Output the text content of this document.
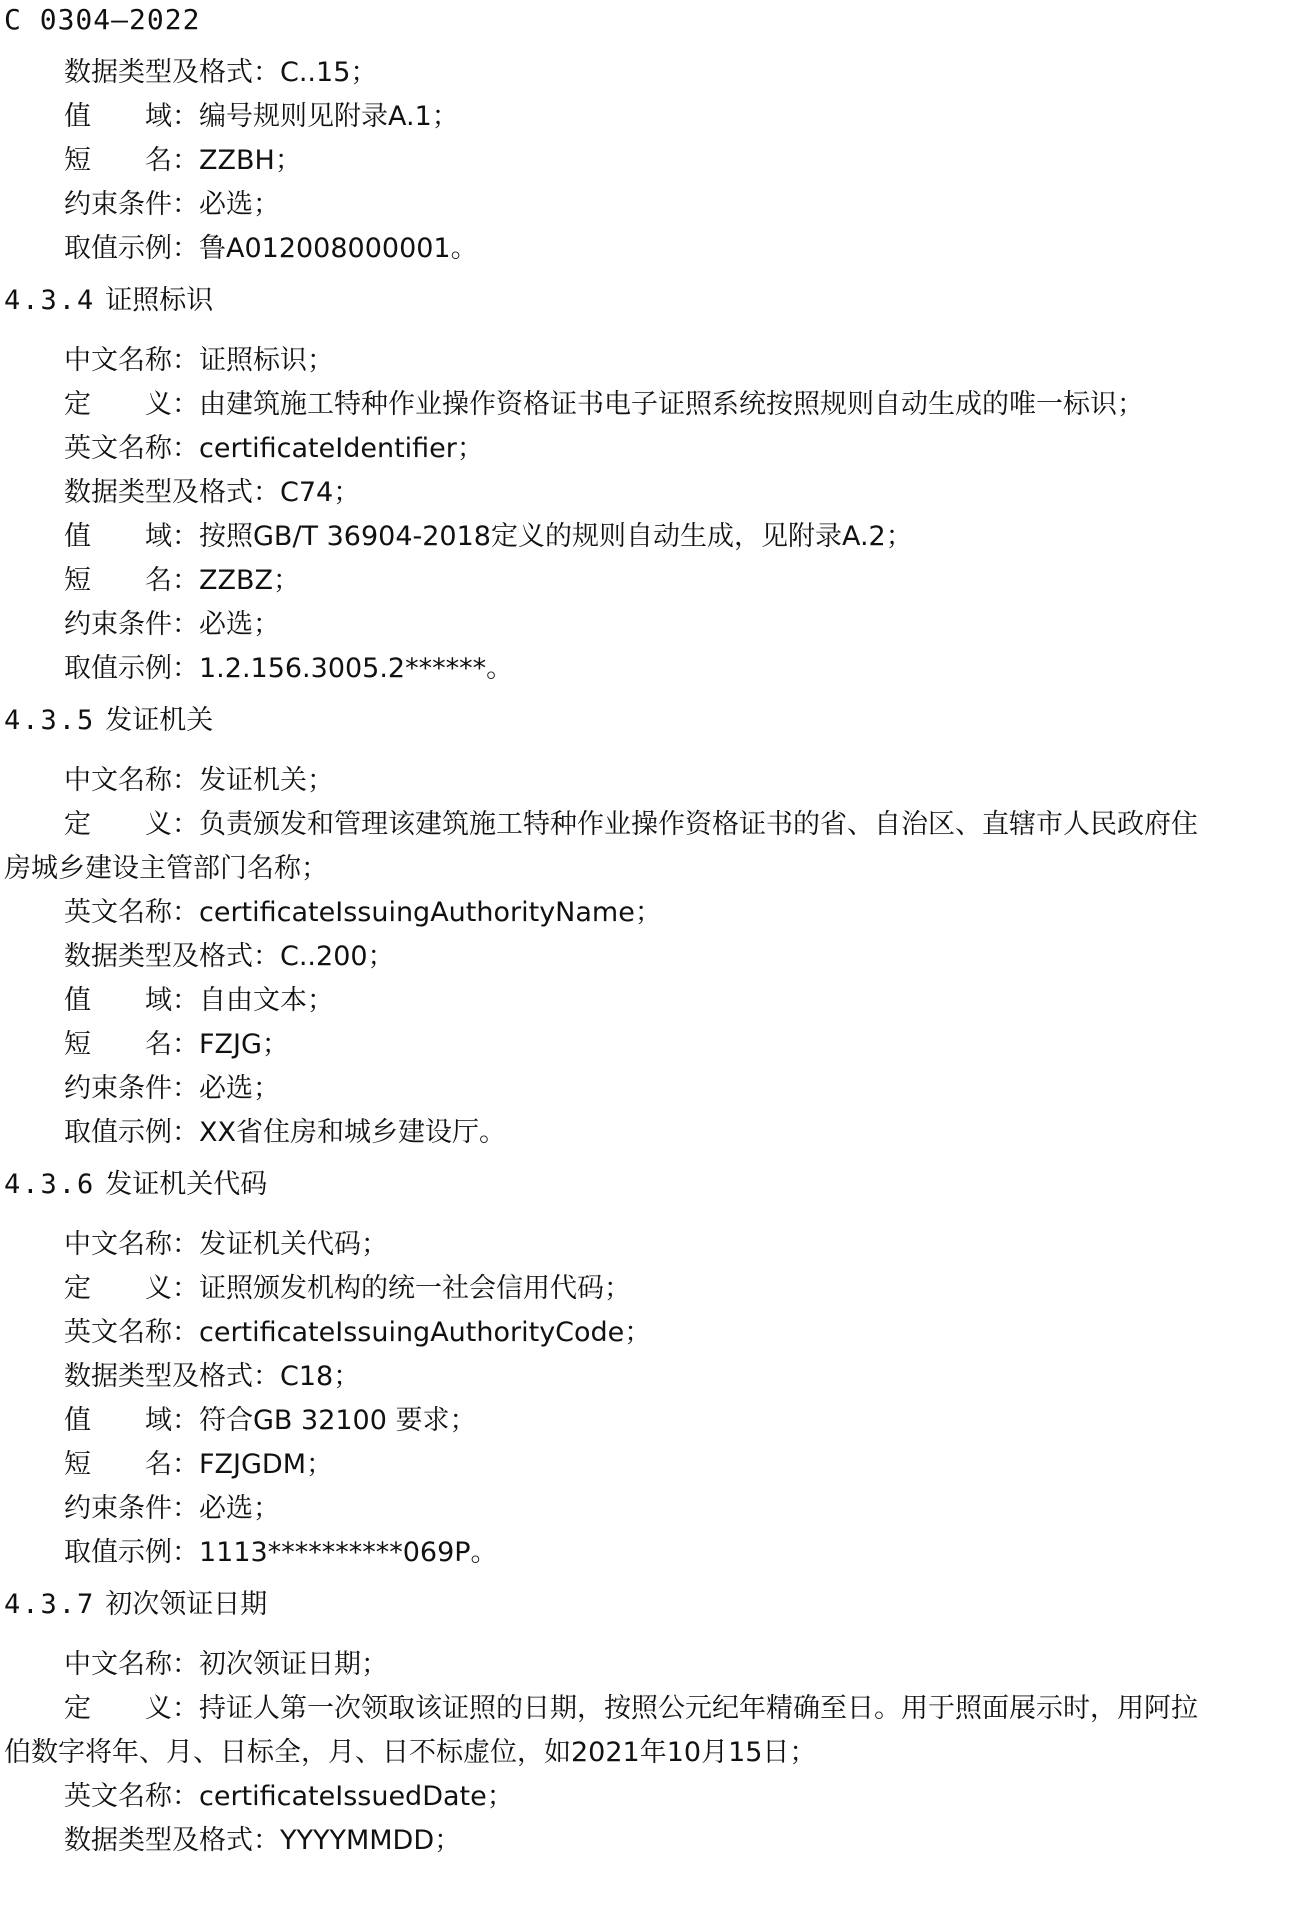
C 0304—2022
数据类型及格式：C..15；
值　　域：编号规则见附录A.1；
短　　名：ZZBH；
约束条件：必选；
取值示例：鲁A012008000001。
4.3.4 证照标识
中文名称：证照标识；
定　　义：由建筑施工特种作业操作资格证书电子证照系统按照规则自动生成的唯一标识；
英文名称：certificateIdentifier；
数据类型及格式：C74；
值　　域：按照GB/T 36904-2018定义的规则自动生成，见附录A.2；
短　　名：ZZBZ；
约束条件：必选；
取值示例：1.2.156.3005.2******。
4.3.5 发证机关
中文名称：发证机关；
定　　义：负责颁发和管理该建筑施工特种作业操作资格证书的省、自治区、直辖市人民政府住
房城乡建设主管部门名称；
英文名称：certificateIssuingAuthorityName；
数据类型及格式：C..200；
值　　域：自由文本；
短　　名：FZJG；
约束条件：必选；
取值示例：XX省住房和城乡建设厅。
4.3.6 发证机关代码
中文名称：发证机关代码；
定　　义：证照颁发机构的统一社会信用代码；
英文名称：certificateIssuingAuthorityCode；
数据类型及格式：C18；
值　　域：符合GB 32100 要求；
短　　名：FZJGDM；
约束条件：必选；
取值示例：1113**********069P。
4.3.7 初次领证日期
中文名称：初次领证日期；
定　　义：持证人第一次领取该证照的日期，按照公元纪年精确至日。用于照面展示时，用阿拉
伯数字将年、月、日标全，月、日不标虚位，如2021年10月15日；
英文名称：certificateIssuedDate；
数据类型及格式：YYYYMMDD；
